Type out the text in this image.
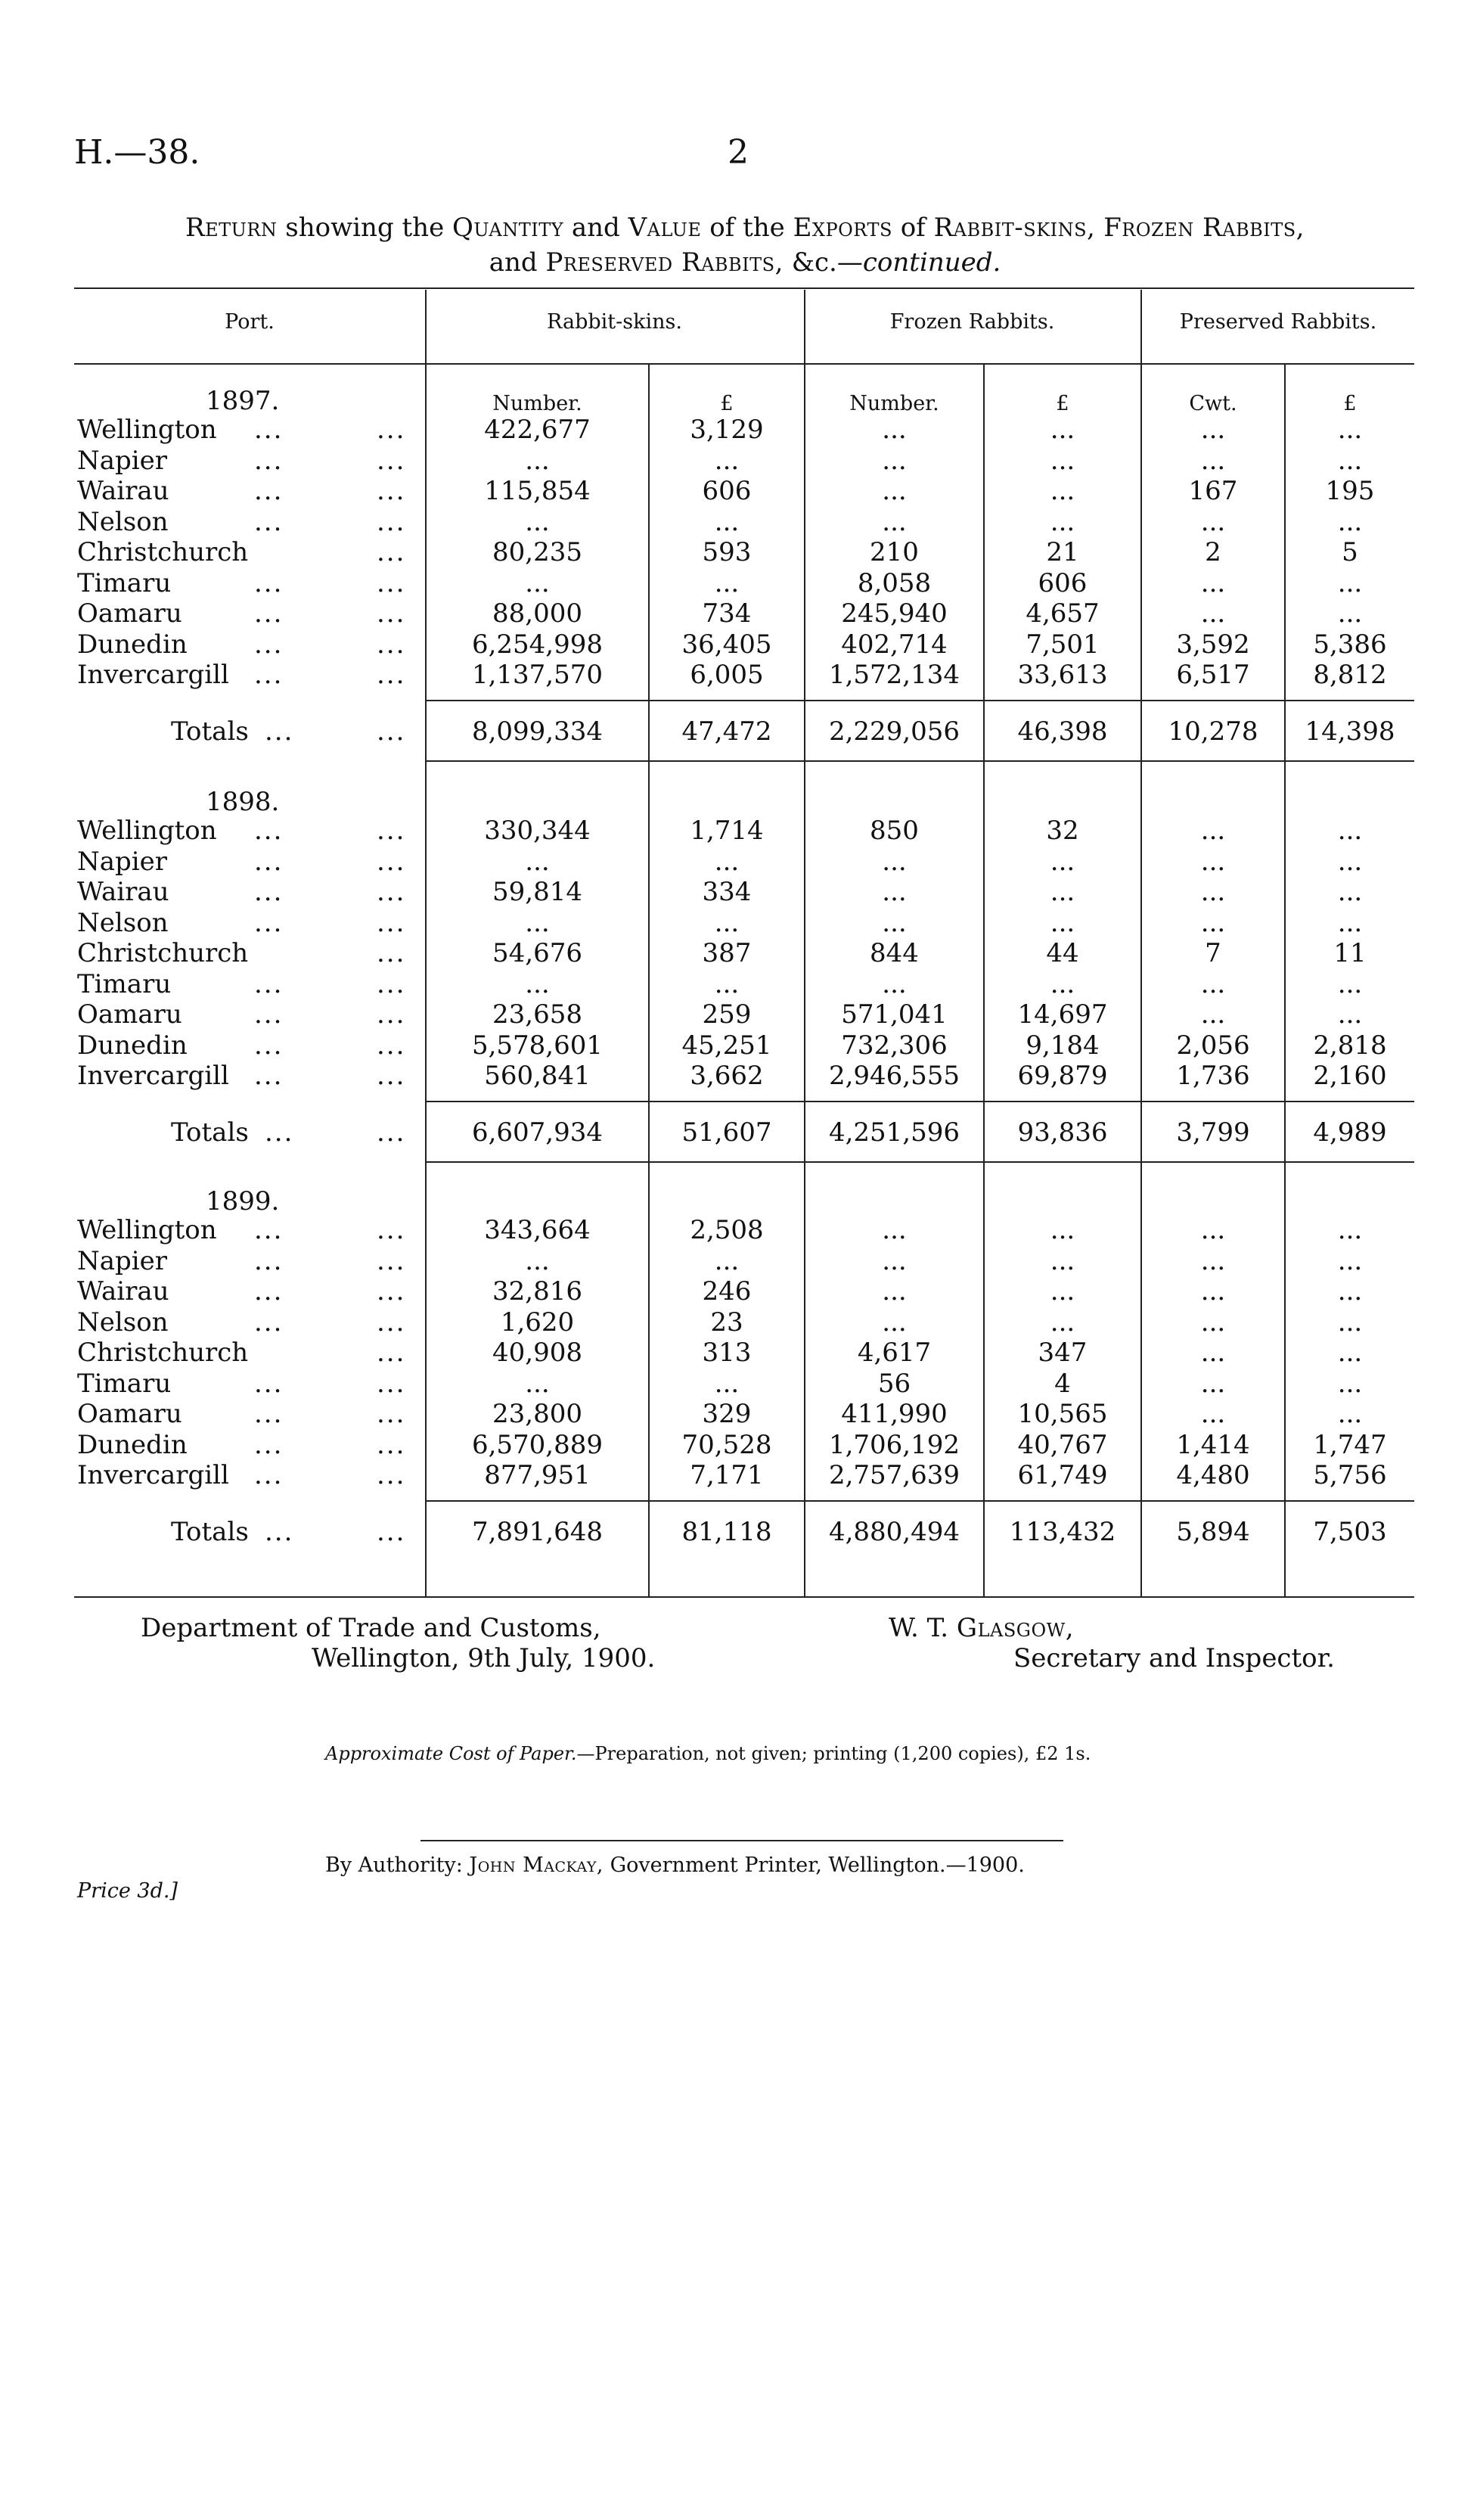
H.—38.	2
Return showing the Quantity and Value of the Exports of Rabbit-skins, Frozen Rabbits,
and Preserved Rabbits, &c.—continued.
Port.	Rabbit-skins.	Frozen Rabbits.	Preserved Rabbits.
Number.	£	Number.	£	Cwt.	£
1897.
Wellington ...	...	422,677	3,129	...	...	...	...
Napier	...	...	...	...	...	...	...	...
Wairau	...	...	115,854	606	...	...	167	195
Nelson	...	...	...	...	...	...	...	...
Christchurch	...	80,235	593	210	21	2	5
Timaru	...	...	...	...	8,058	606	...	...
Oamaru	...	...	88,000	734	245,940	4,657	...	...
Dunedin	...	...	6,254,998	36,405	402,714	7,501	3,592	5,386
Invercargill ...	...	1,137,570	6,005	1,572,134	33,613	6,517	8,812
Totals ...	...	8,099,334	47,472	2,229,056	46,398	10,278	14,398
1898.
Wellington ...	...	330,344	1,714	850	32	...	...
Napier	...	...	...	...	...	...	...	...
Wairau	...	...	59,814	334	...	...	...	...
Nelson	...	...	...	...	...	...	...	...
Christchurch	...	54,676	387	844	44	7	11
Timaru	...	...	...	...	...	...	...	...
Oamaru	...	...	23,658	259	571,041	14,697	...	...
Dunedin	...	...	5,578,601	45,251	732,306	9,184	2,056	2,818
Invercargill ...	...	560,841	3,662	2,946,555	69,879	1,736	2,160
Totals ...	...	6,607,934	51,607	4,251,596	93,836	3,799	4,989
1899.
Wellington ...	...	343,664	2,508	...	...	...	...
Napier	...	...	...	...	...	...	...	...
Wairau	...	...	32,816	246	...	...	...	...
Nelson	...	...	1,620	23	...	...	...	...
Christchurch	...	40,908	313	4,617	347	...	...
Timaru	...	...	...	...	56	4	...	...
Oamaru	...	...	23,800	329	411,990	10,565	...	...
Dunedin	...	...	6,570,889	70,528	1,706,192	40,767	1,414	1,747
Invercargill ...	...	877,951	7,171	2,757,639	61,749	4,480	5,756
Totals ...	...	7,891,648	81,118	4,880,494	113,432	5,894	7,503
Department of Trade and Customs,
Wellington, 9th July, 1900.
W. T. Glasgow,
Secretary and Inspector.
Approximate Cost of Paper.—Preparation, not given; printing (1,200 copies), £2 1s.
Price 3d.]
By Authority: John Mackay, Government Printer, Wellington.—1900.
